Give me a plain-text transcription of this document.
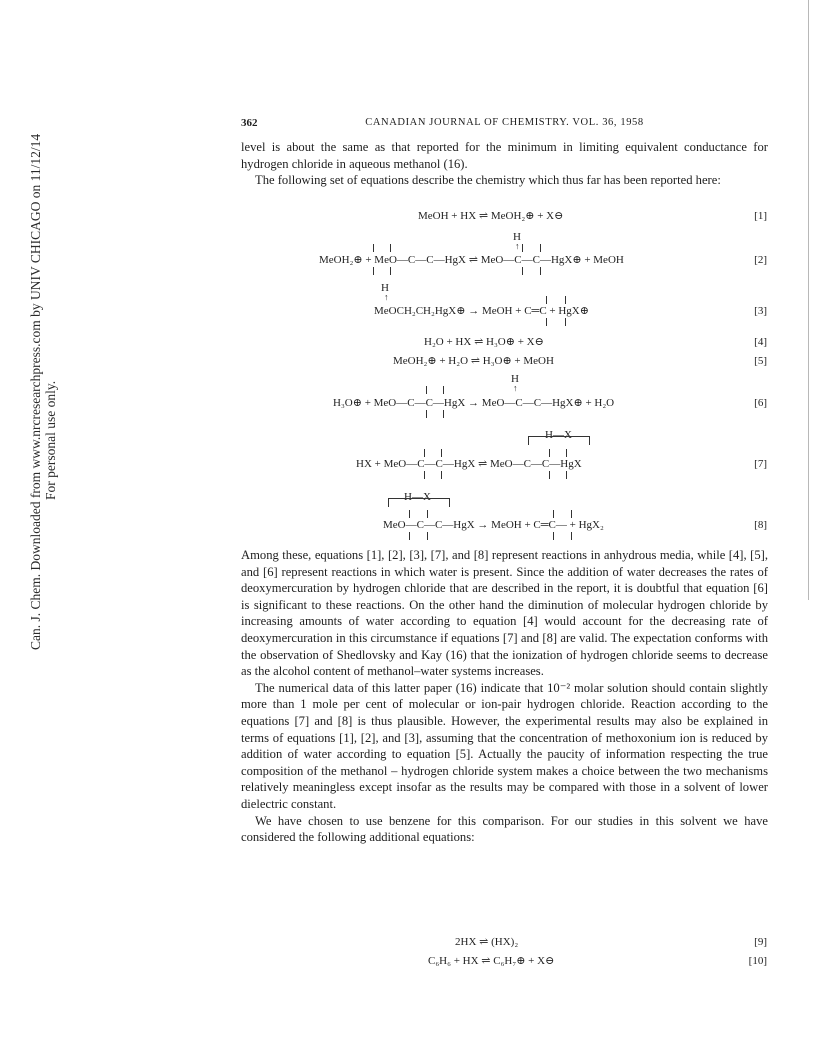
Can. J. Chem. Downloaded from www.nrcresearchpress.com by UNIV CHICAGO on 11/12/14 For personal use only.
362	CANADIAN JOURNAL OF CHEMISTRY. VOL. 36, 1958

level is about the same as that reported for the minimum in limiting equivalent conductance for hydrogen chloride in aqueous methanol (16).

The following set of equations describe the chemistry which thus far has been reported here:

MeOH + HX ⇌ MeOH₂⊕ + X⊖	[1]
H
↑
MeOH₂⊕ + MeO—C—C—HgX ⇌ MeO—C—C—HgX⊕ + MeOH	[2]
H
↑
MeOCH₂CH₂HgX⊕ → MeOH + C═C + HgX⊕	[3]
H₂O + HX ⇌ H₃O⊕ + X⊖	[4]
MeOH₂⊕ + H₂O ⇌ H₃O⊕ + MeOH	[5]
H
↑
H₃O⊕ + MeO—C—C—HgX → MeO—C—C—HgX⊕ + H₂O	[6]
H—X
HX + MeO—C—C—HgX ⇌ MeO—C—C—HgX	[7]
H—X
MeO—C—C—HgX → MeOH + C═C— + HgX₂	[8]

Among these, equations [1], [2], [3], [7], and [8] represent reactions in anhydrous media, while [4], [5], and [6] represent reactions in which water is present. Since the addition of water decreases the rates of deoxymercuration by hydrogen chloride that are described in the report, it is doubtful that equation [6] is significant to these reactions. On the other hand the diminution of molecular hydrogen chloride by increasing amounts of water according to equation [4] would account for the decreasing rate of deoxymercuration in this circumstance if equations [7] and [8] are valid. The expectation conforms with the observation of Shedlovsky and Kay (16) that the ionization of hydrogen chloride seems to decrease as the alcohol content of methanol–water systems increases.

The numerical data of this latter paper (16) indicate that 10⁻² molar solution should contain slightly more than 1 mole per cent of molecular or ion-pair hydrogen chloride. Reaction according to the equations [7] and [8] is thus plausible. However, the experimental results may also be explained in terms of equations [1], [2], and [3], assuming that the concentration of methoxonium ion is reduced by addition of water according to equation [5]. Actually the paucity of information respecting the true composition of the methanol – hydrogen chloride system makes a choice between the two mechanisms relatively meaningless except insofar as the results may be compared with those in a solvent of lower dielectric constant.

We have chosen to use benzene for this comparison. For our studies in this solvent we have considered the following additional equations:

2HX ⇌ (HX)₂	[9]
C₆H₆ + HX ⇌ C₆H₇⊕ + X⊖	[10]
